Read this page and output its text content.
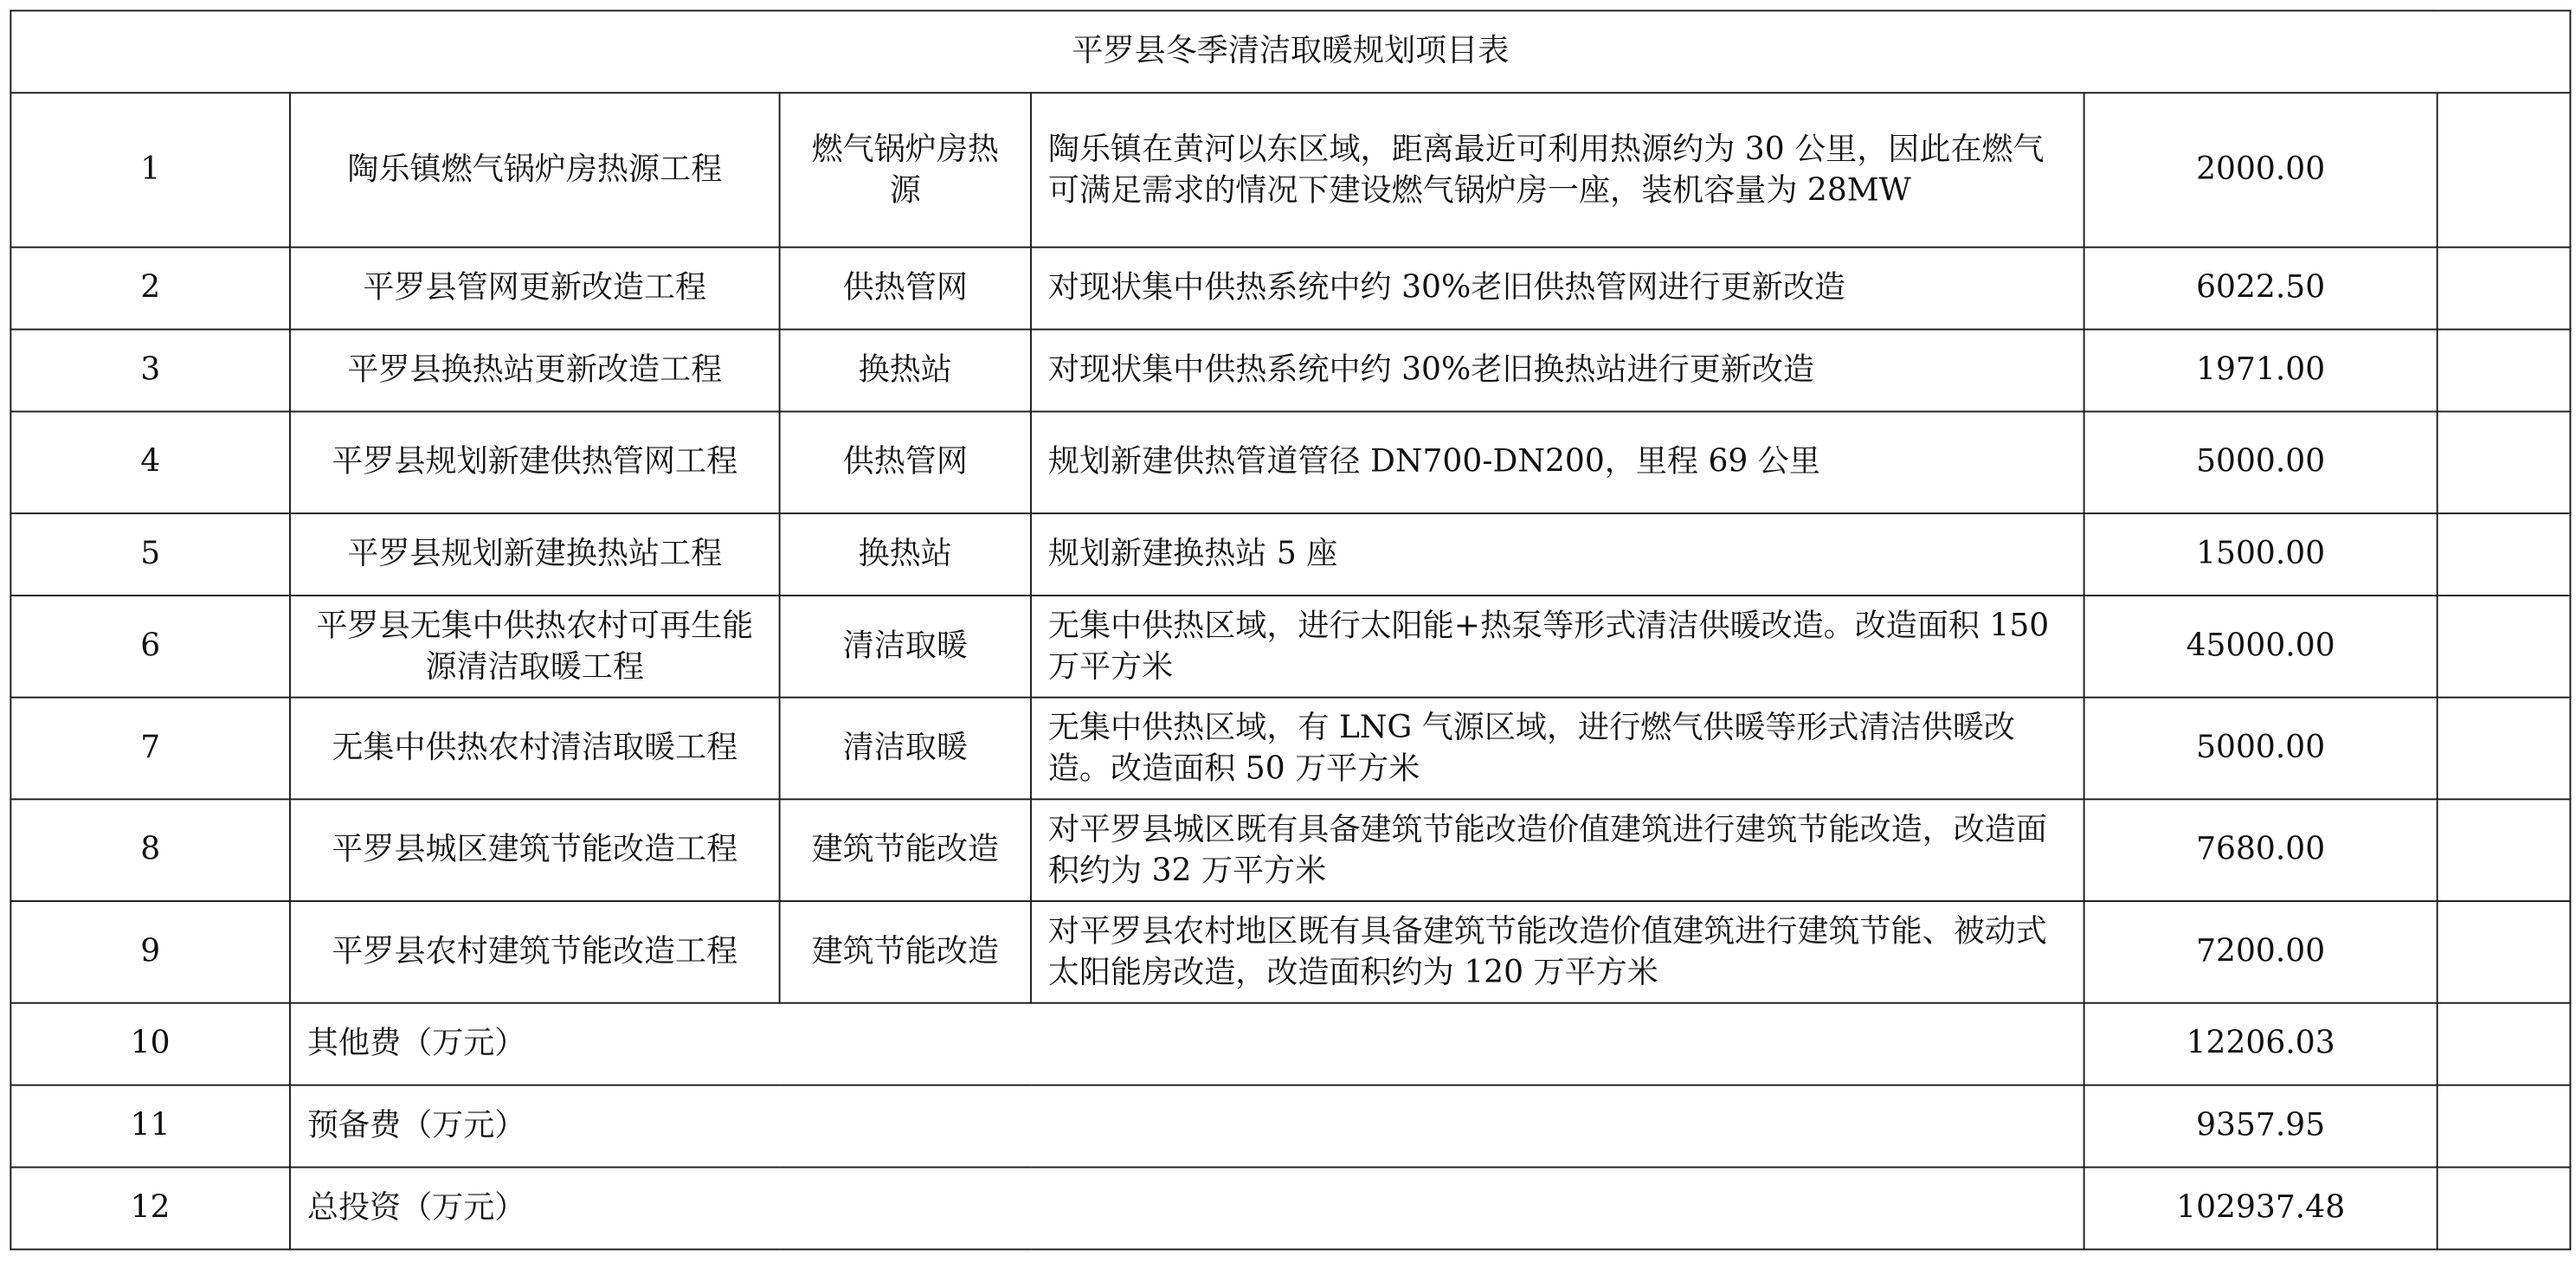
平罗县冬季清洁取暖规划项目表					
1	陶乐镇燃气锅炉房热源工程	燃气锅炉房热源	陶乐镇在黄河以东区域，距离最近可利用热源约为 30 公里，因此在燃气可满足需求的情况下建设燃气锅炉房一座，装机容量为 28MW	2000.00	
2	平罗县管网更新改造工程	供热管网	对现状集中供热系统中约 30%老旧供热管网进行更新改造	6022.50	
3	平罗县换热站更新改造工程	换热站	对现状集中供热系统中约 30%老旧换热站进行更新改造	1971.00	
4	平罗县规划新建供热管网工程	供热管网	规划新建供热管道管径 DN700-DN200，里程 69 公里	5000.00	
5	平罗县规划新建换热站工程	换热站	规划新建换热站 5 座	1500.00	
6	平罗县无集中供热农村可再生能源清洁取暖工程	清洁取暖	无集中供热区域，进行太阳能+热泵等形式清洁供暖改造。改造面积 150 万平方米	45000.00	
7	无集中供热农村清洁取暖工程	清洁取暖	无集中供热区域，有 LNG 气源区域，进行燃气供暖等形式清洁供暖改造。改造面积 50 万平方米	5000.00	
8	平罗县城区建筑节能改造工程	建筑节能改造	对平罗县城区既有具备建筑节能改造价值建筑进行建筑节能改造，改造面积约为 32 万平方米	7680.00	
9	平罗县农村建筑节能改造工程	建筑节能改造	对平罗县农村地区既有具备建筑节能改造价值建筑进行建筑节能、被动式太阳能房改造，改造面积约为 120 万平方米	7200.00	
10	其他费（万元）			12206.03	
11	预备费（万元）			9357.95	
12	总投资（万元）			102937.48	
